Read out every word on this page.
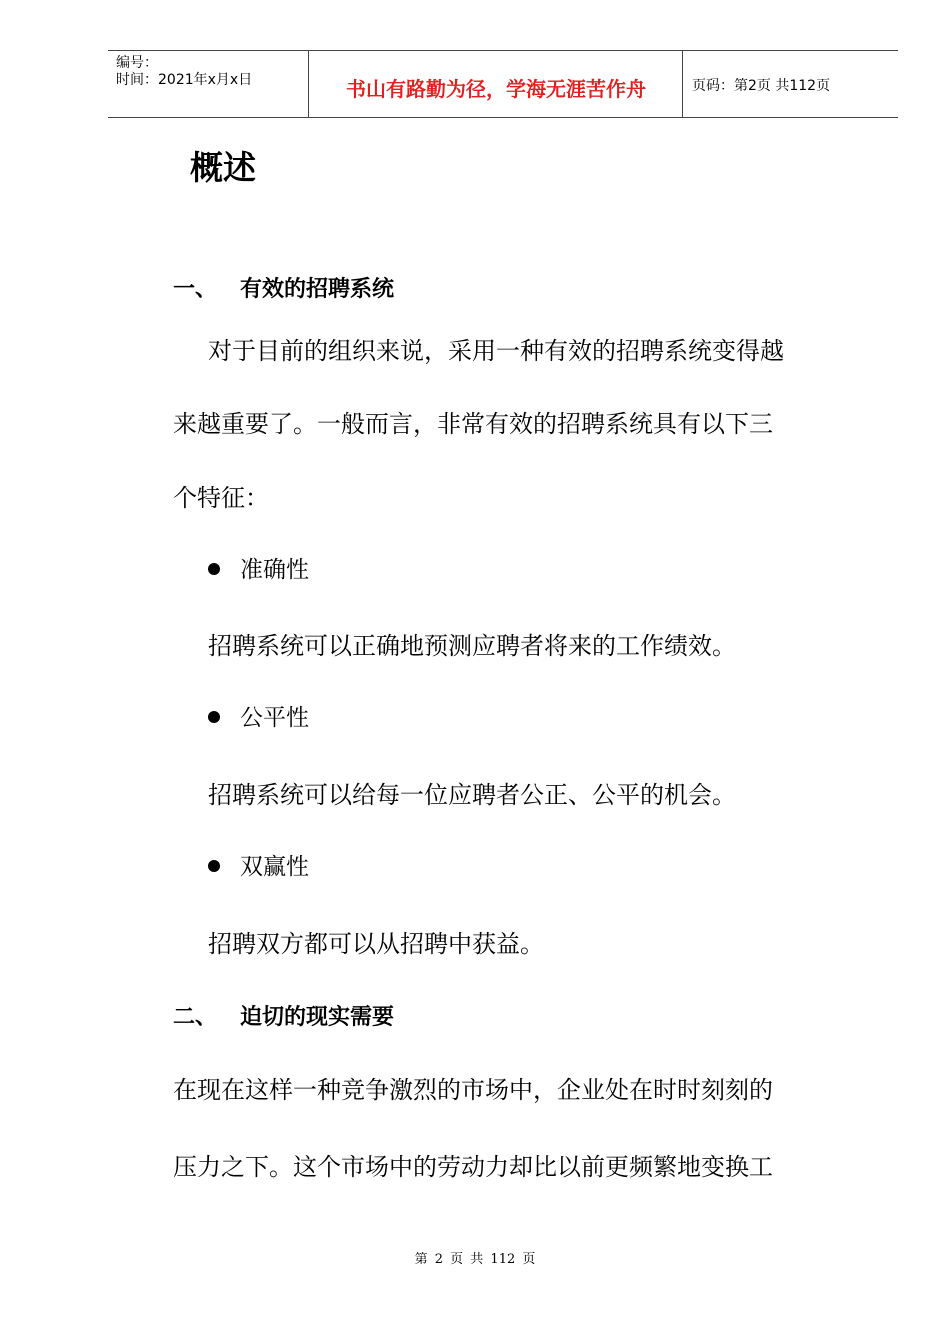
编号：
时间：2021年x月x日	书山有路勤为径，学海无涯苦作舟	页码：第2页 共112页
概述
一、 有效的招聘系统
对于目前的组织来说，采用一种有效的招聘系统变得越
来越重要了。一般而言，非常有效的招聘系统具有以下三
个特征：
准确性
招聘系统可以正确地预测应聘者将来的工作绩效。
公平性
招聘系统可以给每一位应聘者公正、公平的机会。
双赢性
招聘双方都可以从招聘中获益。
二、 迫切的现实需要
在现在这样一种竞争激烈的市场中，企业处在时时刻刻的
压力之下。这个市场中的劳动力却比以前更频繁地变换工
第 2 页 共 112 页
